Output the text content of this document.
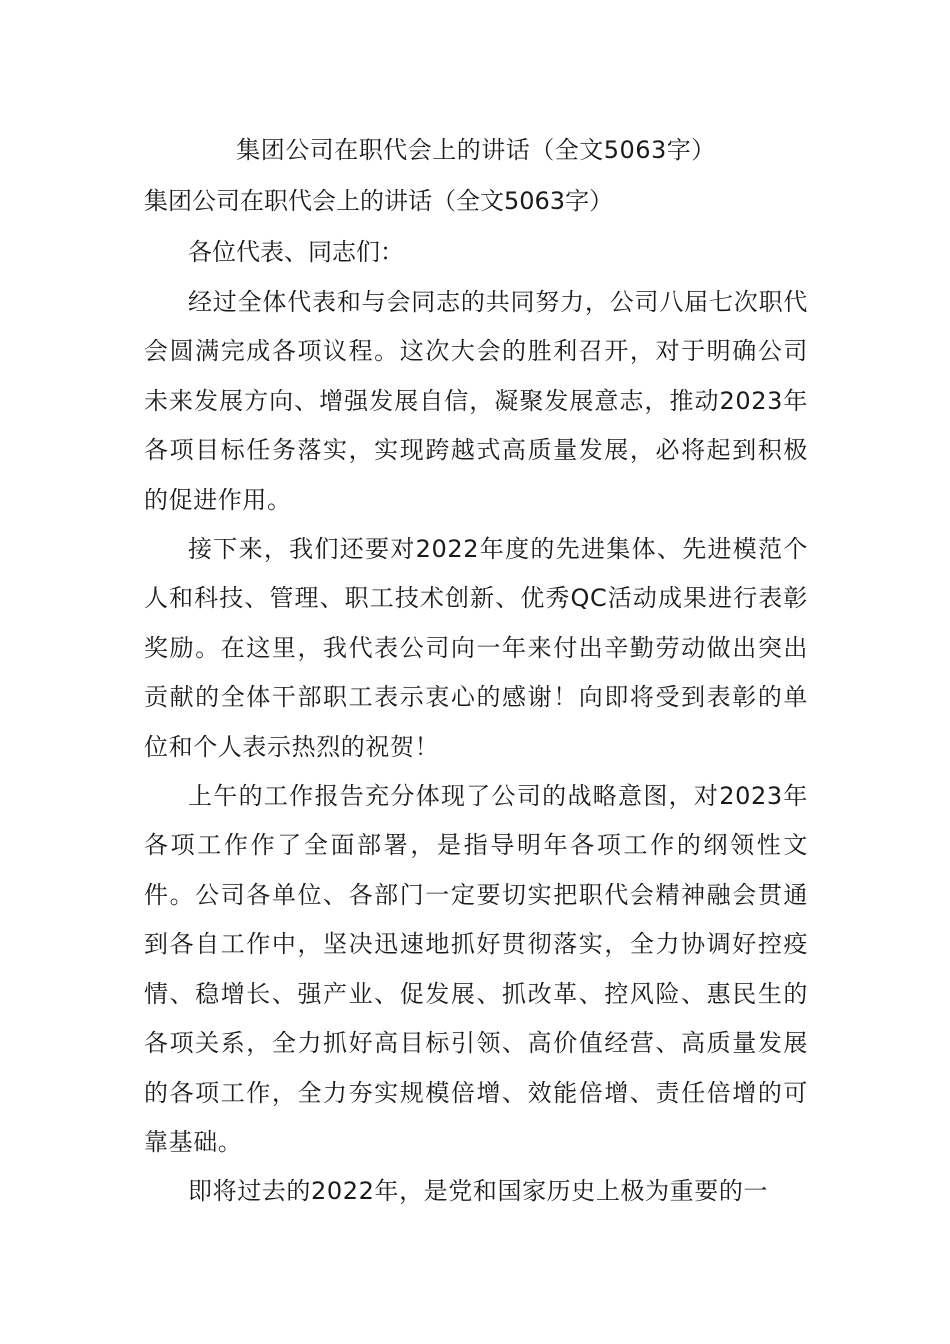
集团公司在职代会上的讲话（全文5063字）

集团公司在职代会上的讲话（全文5063字）

各位代表、同志们：

经过全体代表和与会同志的共同努力，公司八届七次职代会圆满完成各项议程。这次大会的胜利召开，对于明确公司未来发展方向、增强发展自信，凝聚发展意志，推动2023年各项目标任务落实，实现跨越式高质量发展，必将起到积极的促进作用。

接下来，我们还要对2022年度的先进集体、先进模范个人和科技、管理、职工技术创新、优秀QC活动成果进行表彰奖励。在这里，我代表公司向一年来付出辛勤劳动做出突出贡献的全体干部职工表示衷心的感谢！向即将受到表彰的单位和个人表示热烈的祝贺！

上午的工作报告充分体现了公司的战略意图，对2023年各项工作作了全面部署，是指导明年各项工作的纲领性文件。公司各单位、各部门一定要切实把职代会精神融会贯通到各自工作中，坚决迅速地抓好贯彻落实，全力协调好控疫情、稳增长、强产业、促发展、抓改革、控风险、惠民生的各项关系，全力抓好高目标引领、高价值经营、高质量发展的各项工作，全力夯实规模倍增、效能倍增、责任倍增的可靠基础。

即将过去的2022年，是党和国家历史上极为重要的一
